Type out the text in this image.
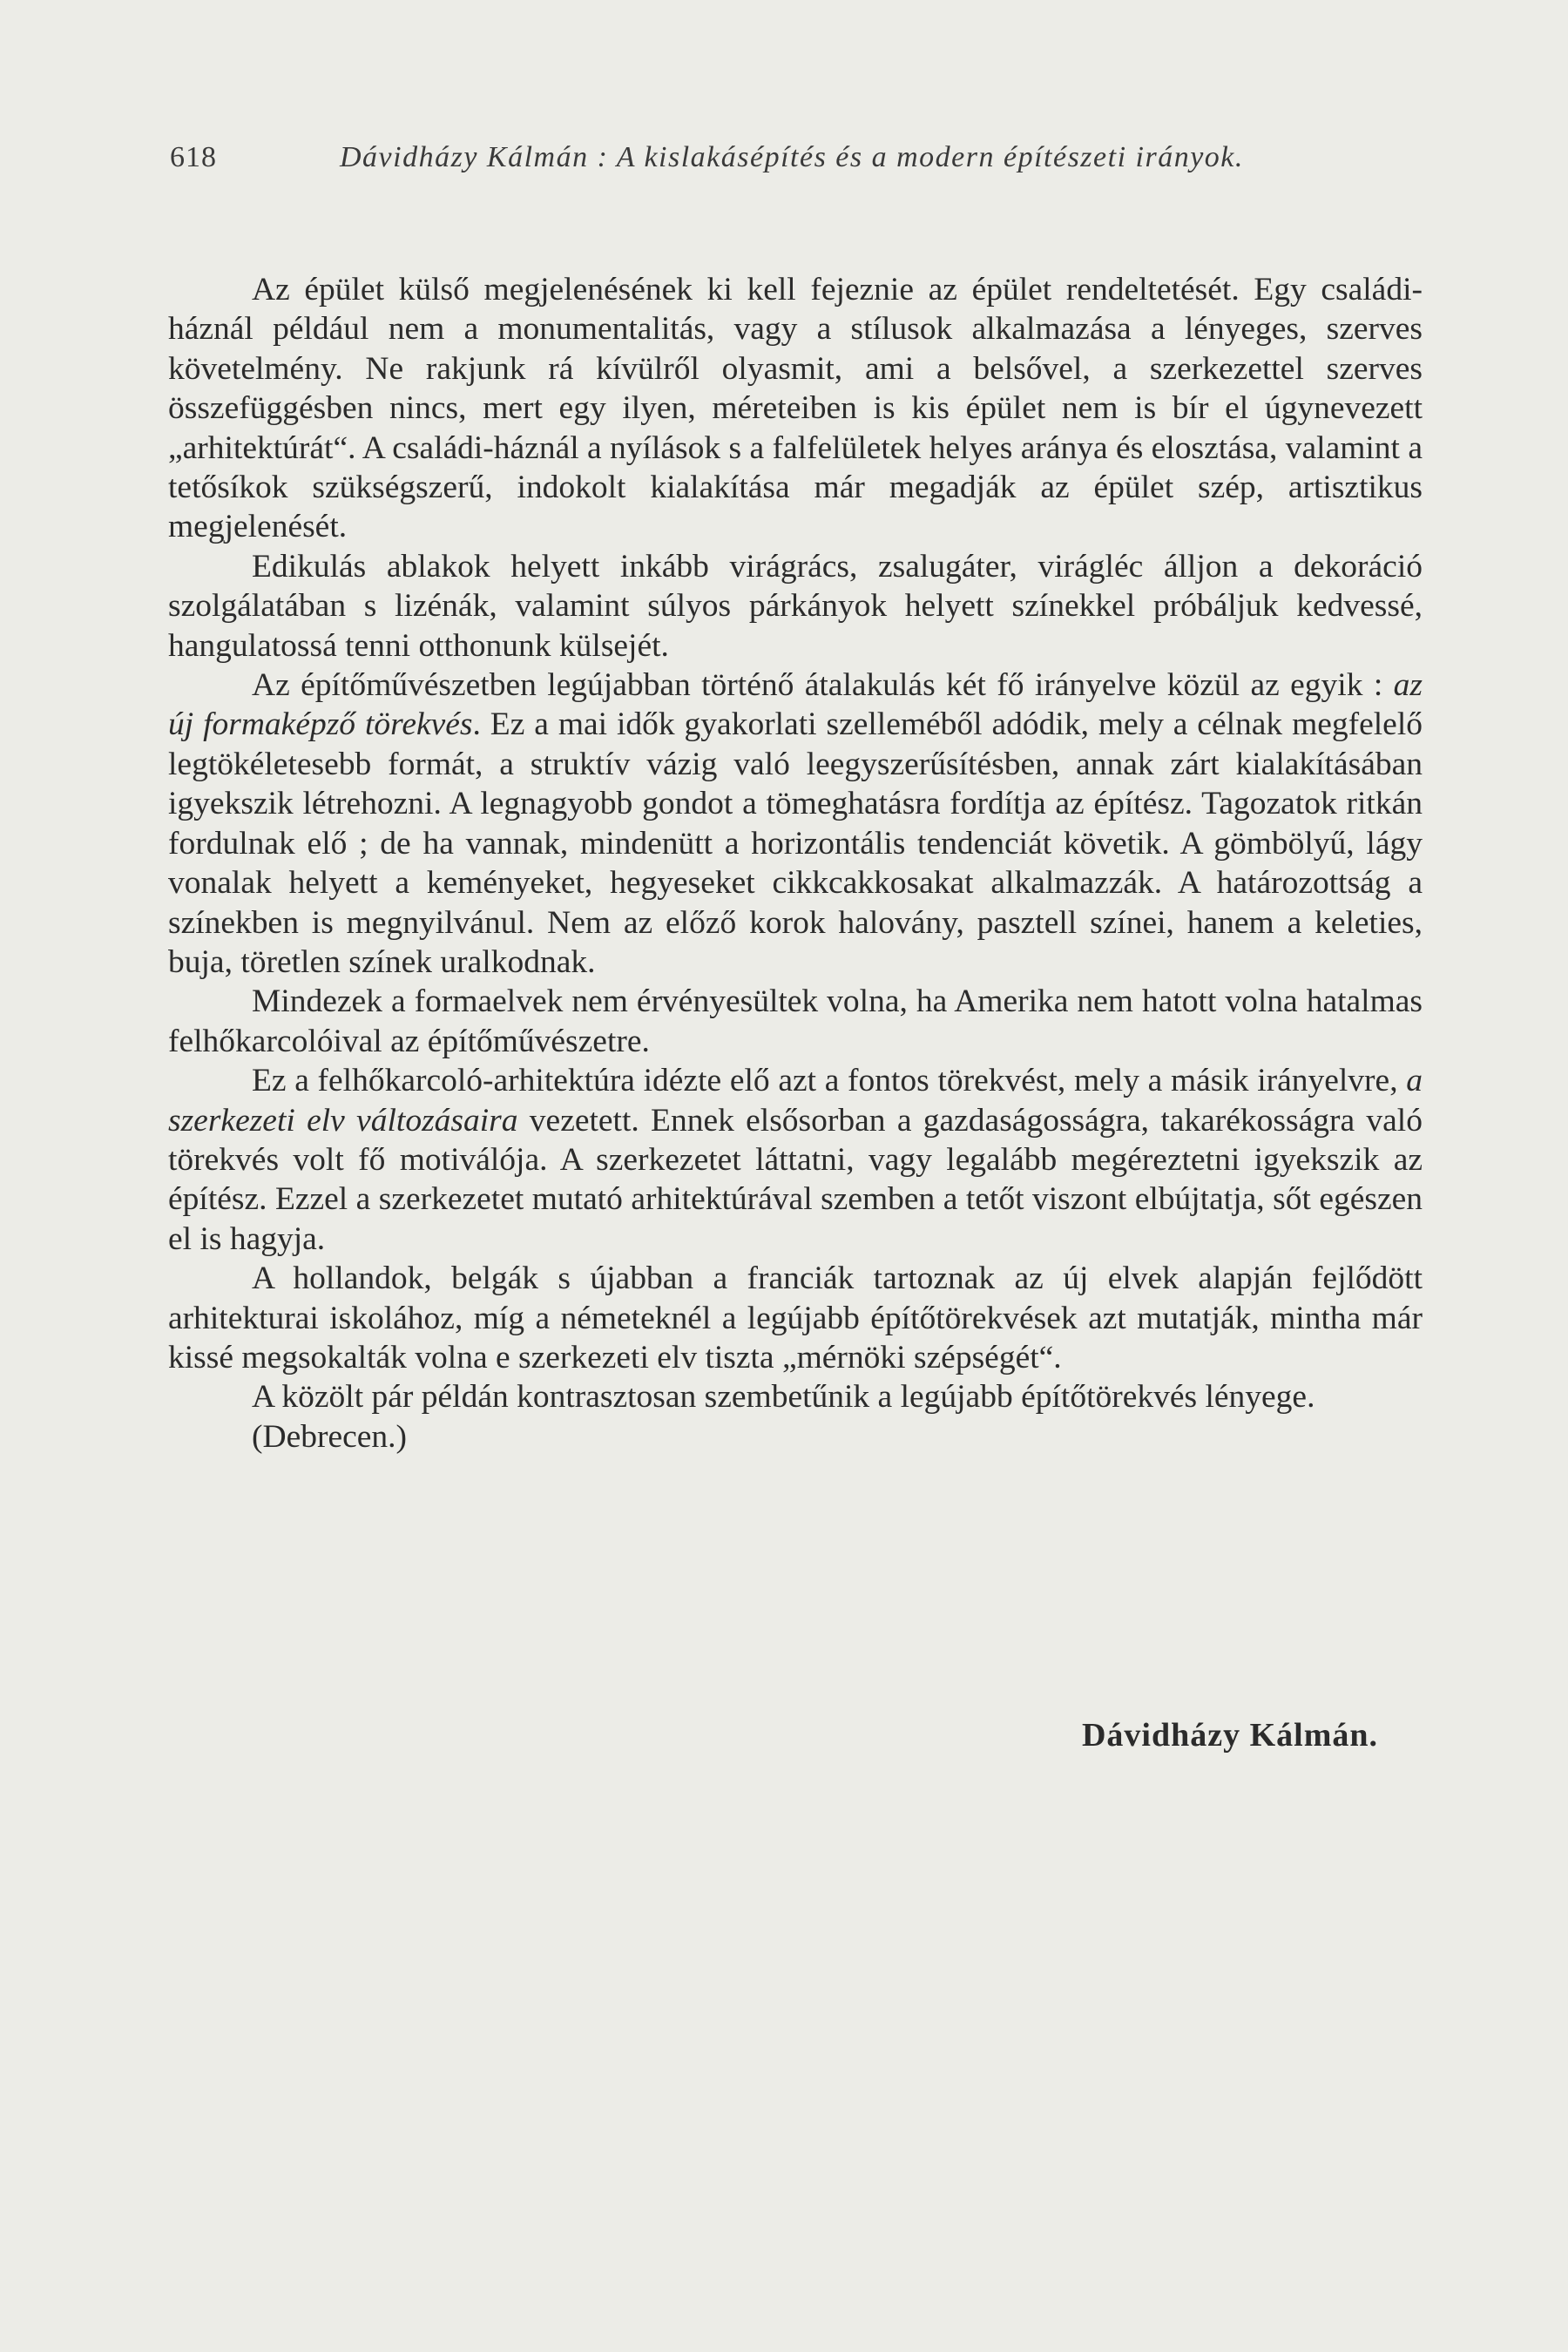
618	Dávidházy Kálmán : A kislakásépítés és a modern építészeti irányok.

Az épület külső megjelenésének ki kell fejeznie az épület rendeltetését. Egy családi-háznál például nem a monumentalitás, vagy a stílusok alkalmazása a lényeges, szerves követelmény. Ne rakjunk rá kívülről olyasmit, ami a belsővel, a szerkezettel szerves összefüggésben nincs, mert egy ilyen, méreteiben is kis épület nem is bír el úgynevezett „arhitektúrát“. A családi-háznál a nyílások s a falfelületek helyes aránya és elosztása, valamint a tetősíkok szükségszerű, indokolt kialakítása már megadják az épület szép, artisztikus megjelenését.

Edikulás ablakok helyett inkább virágrács, zsalugáter, virágléc álljon a dekoráció szolgálatában s lizénák, valamint súlyos párkányok helyett színekkel próbáljuk kedvessé, hangulatossá tenni otthonunk külsejét.

Az építőművészetben legújabban történő átalakulás két fő irányelve közül az egyik : az új formaképző törekvés. Ez a mai idők gyakorlati szelleméből adódik, mely a célnak megfelelő legtökéletesebb formát, a struktív vázig való leegyszerűsítésben, annak zárt kialakításában igyekszik létrehozni. A legnagyobb gondot a tömeghatásra fordítja az építész. Tagozatok ritkán fordulnak elő ; de ha vannak, mindenütt a horizontális tendenciát követik. A gömbölyű, lágy vonalak helyett a keményeket, hegyeseket cikkcakkosakat alkalmazzák. A határozottság a színekben is megnyilvánul. Nem az előző korok halovány, pasztell színei, hanem a keleties, buja, töretlen színek uralkodnak.

Mindezek a formaelvek nem érvényesültek volna, ha Amerika nem hatott volna hatalmas felhőkarcolóival az építőművészetre.

Ez a felhőkarcoló-arhitektúra idézte elő azt a fontos törekvést, mely a másik irányelvre, a szerkezeti elv változásaira vezetett. Ennek elsősorban a gazdaságosságra, takarékosságra való törekvés volt fő motiválója. A szerkezetet láttatni, vagy legalább megéreztetni igyekszik az építész. Ezzel a szerkezetet mutató arhitektúrával szemben a tetőt viszont elbújtatja, sőt egészen el is hagyja.

A hollandok, belgák s újabban a franciák tartoznak az új elvek alapján fejlődött arhitekturai iskolához, míg a németeknél a legújabb építőtörekvések azt mutatják, mintha már kissé megsokalták volna e szerkezeti elv tiszta „mérnöki szépségét“.

A közölt pár példán kontrasztosan szembetűnik a legújabb építőtörekvés lényege.

(Debrecen.)

Dávidházy Kálmán.
